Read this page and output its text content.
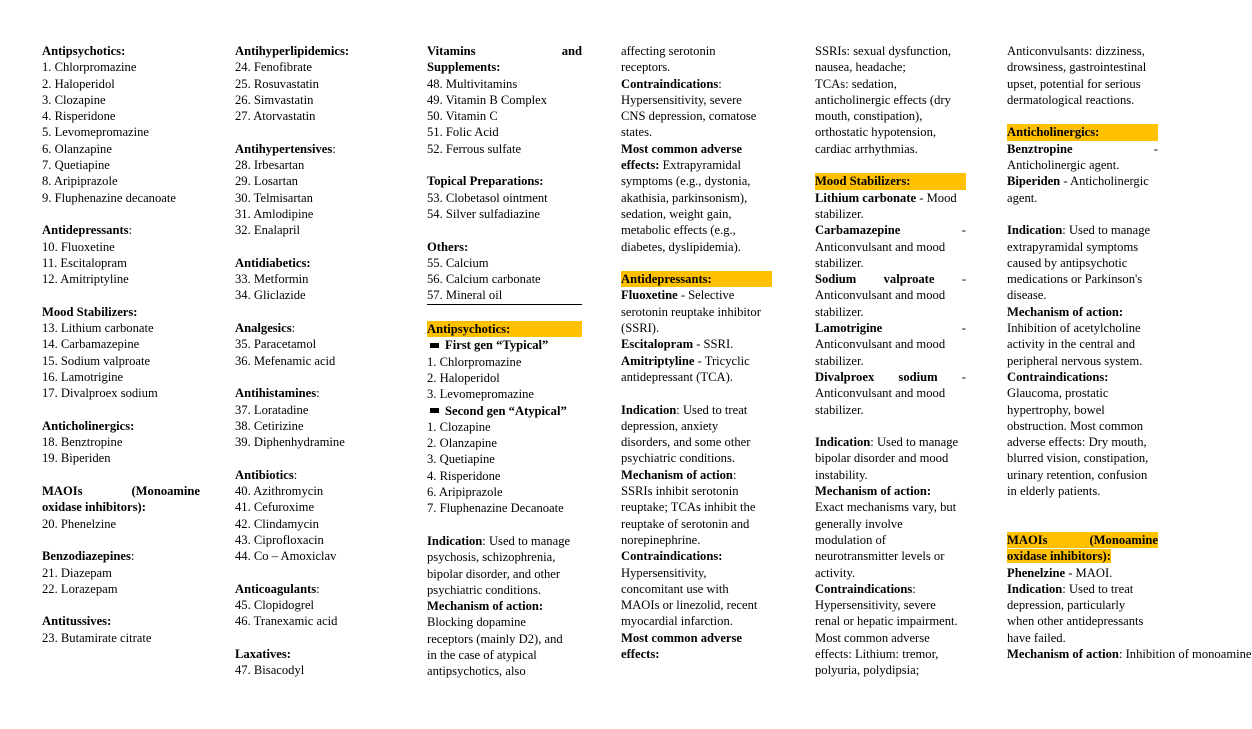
Antipsychotics:
1. Chlorpromazine
2. Haloperidol
3. Clozapine
4. Risperidone
5. Levomepromazine
6. Olanzapine
7. Quetiapine
8. Aripiprazole
9. Fluphenazine decanoate
Antidepressants:
10. Fluoxetine
11. Escitalopram
12. Amitriptyline
Mood Stabilizers:
13. Lithium carbonate
14. Carbamazepine
15. Sodium valproate
16. Lamotrigine
17. Divalproex sodium
Anticholinergics:
18. Benztropine
19. Biperiden
MAOIs	(Monoamine
oxidase inhibitors):
20. Phenelzine
Benzodiazepines:
21. Diazepam
22. Lorazepam
Antitussives:
23. Butamirate citrate
Antihyperlipidemics:
24. Fenofibrate
25. Rosuvastatin
26. Simvastatin
27. Atorvastatin
Antihypertensives:
28. Irbesartan
29. Losartan
30. Telmisartan
31. Amlodipine
32. Enalapril
Antidiabetics:
33. Metformin
34. Gliclazide
Analgesics:
35. Paracetamol
36. Mefenamic acid
Antihistamines:
37. Loratadine
38. Cetirizine
39. Diphenhydramine
Antibiotics:
40. Azithromycin
41. Cefuroxime
42. Clindamycin
43. Ciprofloxacin
44. Co – Amoxiclav
Anticoagulants:
45. Clopidogrel
46. Tranexamic acid
Laxatives:
47. Bisacodyl
Vitamins	and
Supplements:
48. Multivitamins
49. Vitamin B Complex
50. Vitamin C
51. Folic Acid
52. Ferrous sulfate
Topical Preparations:
53. Clobetasol ointment
54. Silver sulfadiazine
Others:
55. Calcium
56. Calcium carbonate
57. Mineral oil
Antipsychotics:
First gen “Typical”
1. Chlorpromazine
2. Haloperidol
3. Levomepromazine
Second gen “Atypical”
1. Clozapine
2. Olanzapine
3. Quetiapine
4. Risperidone
6. Aripiprazole
7. Fluphenazine Decanoate
Indication: Used to manage
psychosis, schizophrenia,
bipolar disorder, and other
psychiatric conditions.
Mechanism of action:
Blocking dopamine
receptors (mainly D2), and
in the case of atypical
antipsychotics, also
affecting serotonin
receptors.
Contraindications:
Hypersensitivity, severe
CNS depression, comatose
states.
Most common adverse
effects: Extrapyramidal
symptoms (e.g., dystonia,
akathisia, parkinsonism),
sedation, weight gain,
metabolic effects (e.g.,
diabetes, dyslipidemia).
Antidepressants:
Fluoxetine - Selective
serotonin reuptake inhibitor
(SSRI).
Escitalopram - SSRI.
Amitriptyline - Tricyclic
antidepressant (TCA).
Indication: Used to treat
depression, anxiety
disorders, and some other
psychiatric conditions.
Mechanism of action:
SSRIs inhibit serotonin
reuptake; TCAs inhibit the
reuptake of serotonin and
norepinephrine.
Contraindications:
Hypersensitivity,
concomitant use with
MAOIs or linezolid, recent
myocardial infarction.
Most common adverse
effects:
SSRIs: sexual dysfunction,
nausea, headache;
TCAs: sedation,
anticholinergic effects (dry
mouth, constipation),
orthostatic hypotension,
cardiac arrhythmias.
Mood Stabilizers:
Lithium carbonate - Mood
stabilizer.
Carbamazepine	-
Anticonvulsant and mood
stabilizer.
Sodium valproate -
Anticonvulsant and mood
stabilizer.
Lamotrigine	-
Anticonvulsant and mood
stabilizer.
Divalproex sodium -
Anticonvulsant and mood
stabilizer.
Indication: Used to manage
bipolar disorder and mood
instability.
Mechanism of action:
Exact mechanisms vary, but
generally involve
modulation of
neurotransmitter levels or
activity.
Contraindications:
Hypersensitivity, severe
renal or hepatic impairment.
Most common adverse
effects: Lithium: tremor,
polyuria, polydipsia;
Anticonvulsants: dizziness,
drowsiness, gastrointestinal
upset, potential for serious
dermatological reactions.
Anticholinergics:
Benztropine	-
Anticholinergic agent.
Biperiden - Anticholinergic
agent.
Indication: Used to manage
extrapyramidal symptoms
caused by antipsychotic
medications or Parkinson's
disease.
Mechanism of action:
Inhibition of acetylcholine
activity in the central and
peripheral nervous system.
Contraindications:
Glaucoma, prostatic
hypertrophy, bowel
obstruction. Most common
adverse effects: Dry mouth,
blurred vision, constipation,
urinary retention, confusion
in elderly patients.
MAOIs	(Monoamine
oxidase inhibitors):
Phenelzine - MAOI.
Indication: Used to treat
depression, particularly
when other antidepressants
have failed.
Mechanism of action: Inhibition of monoamine
